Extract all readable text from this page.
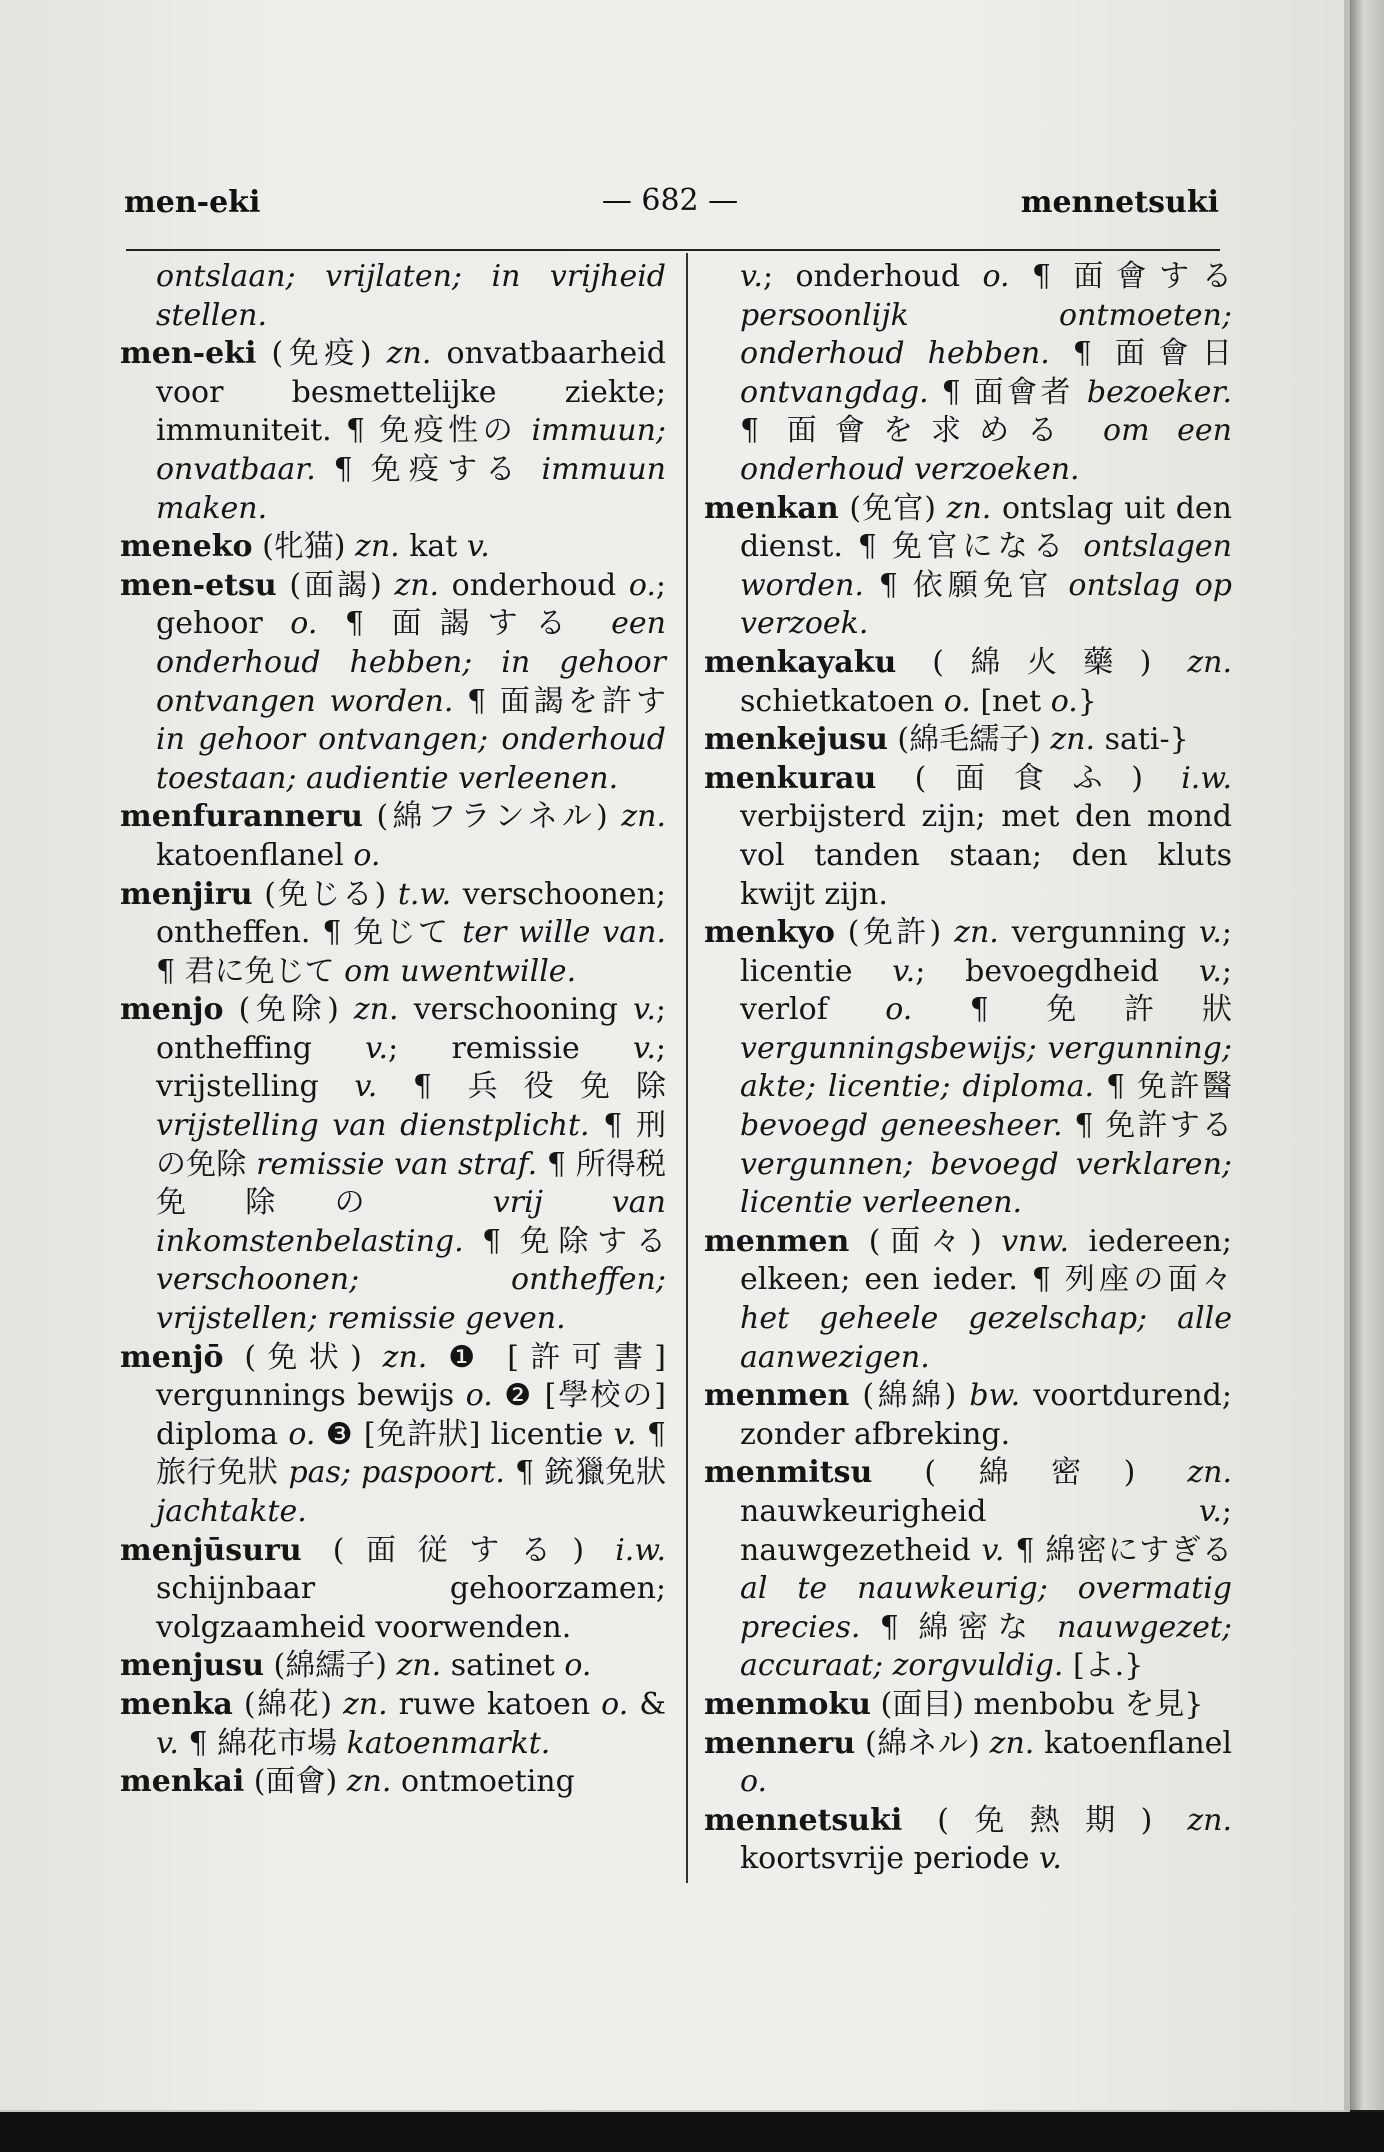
men-eki	— 682 —	mennetsuki

ontslaan; vrijlaten; in vrijheid stellen.

men-eki (免疫) zn. onvatbaarheid voor besmettelijke ziekte; immuniteit. ¶ 免疫性の immuun; onvatbaar. ¶ 免疫する immuun maken.

meneko (牝猫) zn. kat v.

men-etsu (面謁) zn. onderhoud o.; gehoor o. ¶ 面謁する een onderhoud hebben; in gehoor ontvangen worden. ¶ 面謁を許す in gehoor ontvangen; onderhoud toestaan; audientie verleenen.

menfuranneru (綿フランネル) zn. katoenflanel o.

menjiru (免じる) t.w. verschoonen; ontheffen. ¶ 免じて ter wille van. ¶ 君に免じて om uwentwille.

menjo (免除) zn. verschooning v.; ontheffing v.; remissie v.; vrijstelling v. ¶ 兵役免除 vrijstelling van dienstplicht. ¶ 刑の免除 remissie van straf. ¶ 所得税免除の vrij van inkomstenbelasting. ¶ 免除する verschoonen; ontheffen; vrijstellen; remissie geven.

menjō (免状) zn. ❶ [許可書] vergunnings bewijs o. ❷ [學校の] diploma o. ❸ [免許狀] licentie v. ¶ 旅行免狀 pas; paspoort. ¶ 銃獵免狀 jachtakte.

menjūsuru (面従する) i.w. schijnbaar gehoorzamen; volgzaamheid voorwenden.

menjusu (綿繻子) zn. satinet o.

menka (綿花) zn. ruwe katoen o. & v. ¶ 綿花市場 katoenmarkt.

menkai (面會) zn. ontmoeting

v.; onderhoud o. ¶ 面會する persoonlijk ontmoeten; onderhoud hebben. ¶ 面會日 ontvangdag. ¶ 面會者 bezoeker. ¶ 面會を求める om een onderhoud verzoeken.

menkan (免官) zn. ontslag uit den dienst. ¶ 免官になる ontslagen worden. ¶ 依願免官 ontslag op verzoek.

menkayaku (綿火藥) zn. schietkatoen o. [net o.}

menkejusu (綿毛繻子) zn. sati-}

menkurau (面食ふ) i.w. verbijsterd zijn; met den mond vol tanden staan; den kluts kwijt zijn.

menkyo (免許) zn. vergunning v.; licentie v.; bevoegdheid v.; verlof o. ¶ 免許狀 vergunningsbewijs; vergunning; akte; licentie; diploma. ¶ 免許醫 bevoegd geneesheer. ¶ 免許する vergunnen; bevoegd verklaren; licentie verleenen.

menmen (面々) vnw. iedereen; elkeen; een ieder. ¶ 列座の面々 het geheele gezelschap; alle aanwezigen.

menmen (綿綿) bw. voortdurend; zonder afbreking.

menmitsu (綿密) zn. nauwkeurigheid v.; nauwgezetheid v. ¶ 綿密にすぎる al te nauwkeurig; overmatig precies. ¶ 綿密な nauwgezet; accuraat; zorgvuldig. [よ.}

menmoku (面目) menbobu を見}

menneru (綿ネル) zn. katoenflanel o.

mennetsuki (免熱期) zn. koortsvrije periode v.
